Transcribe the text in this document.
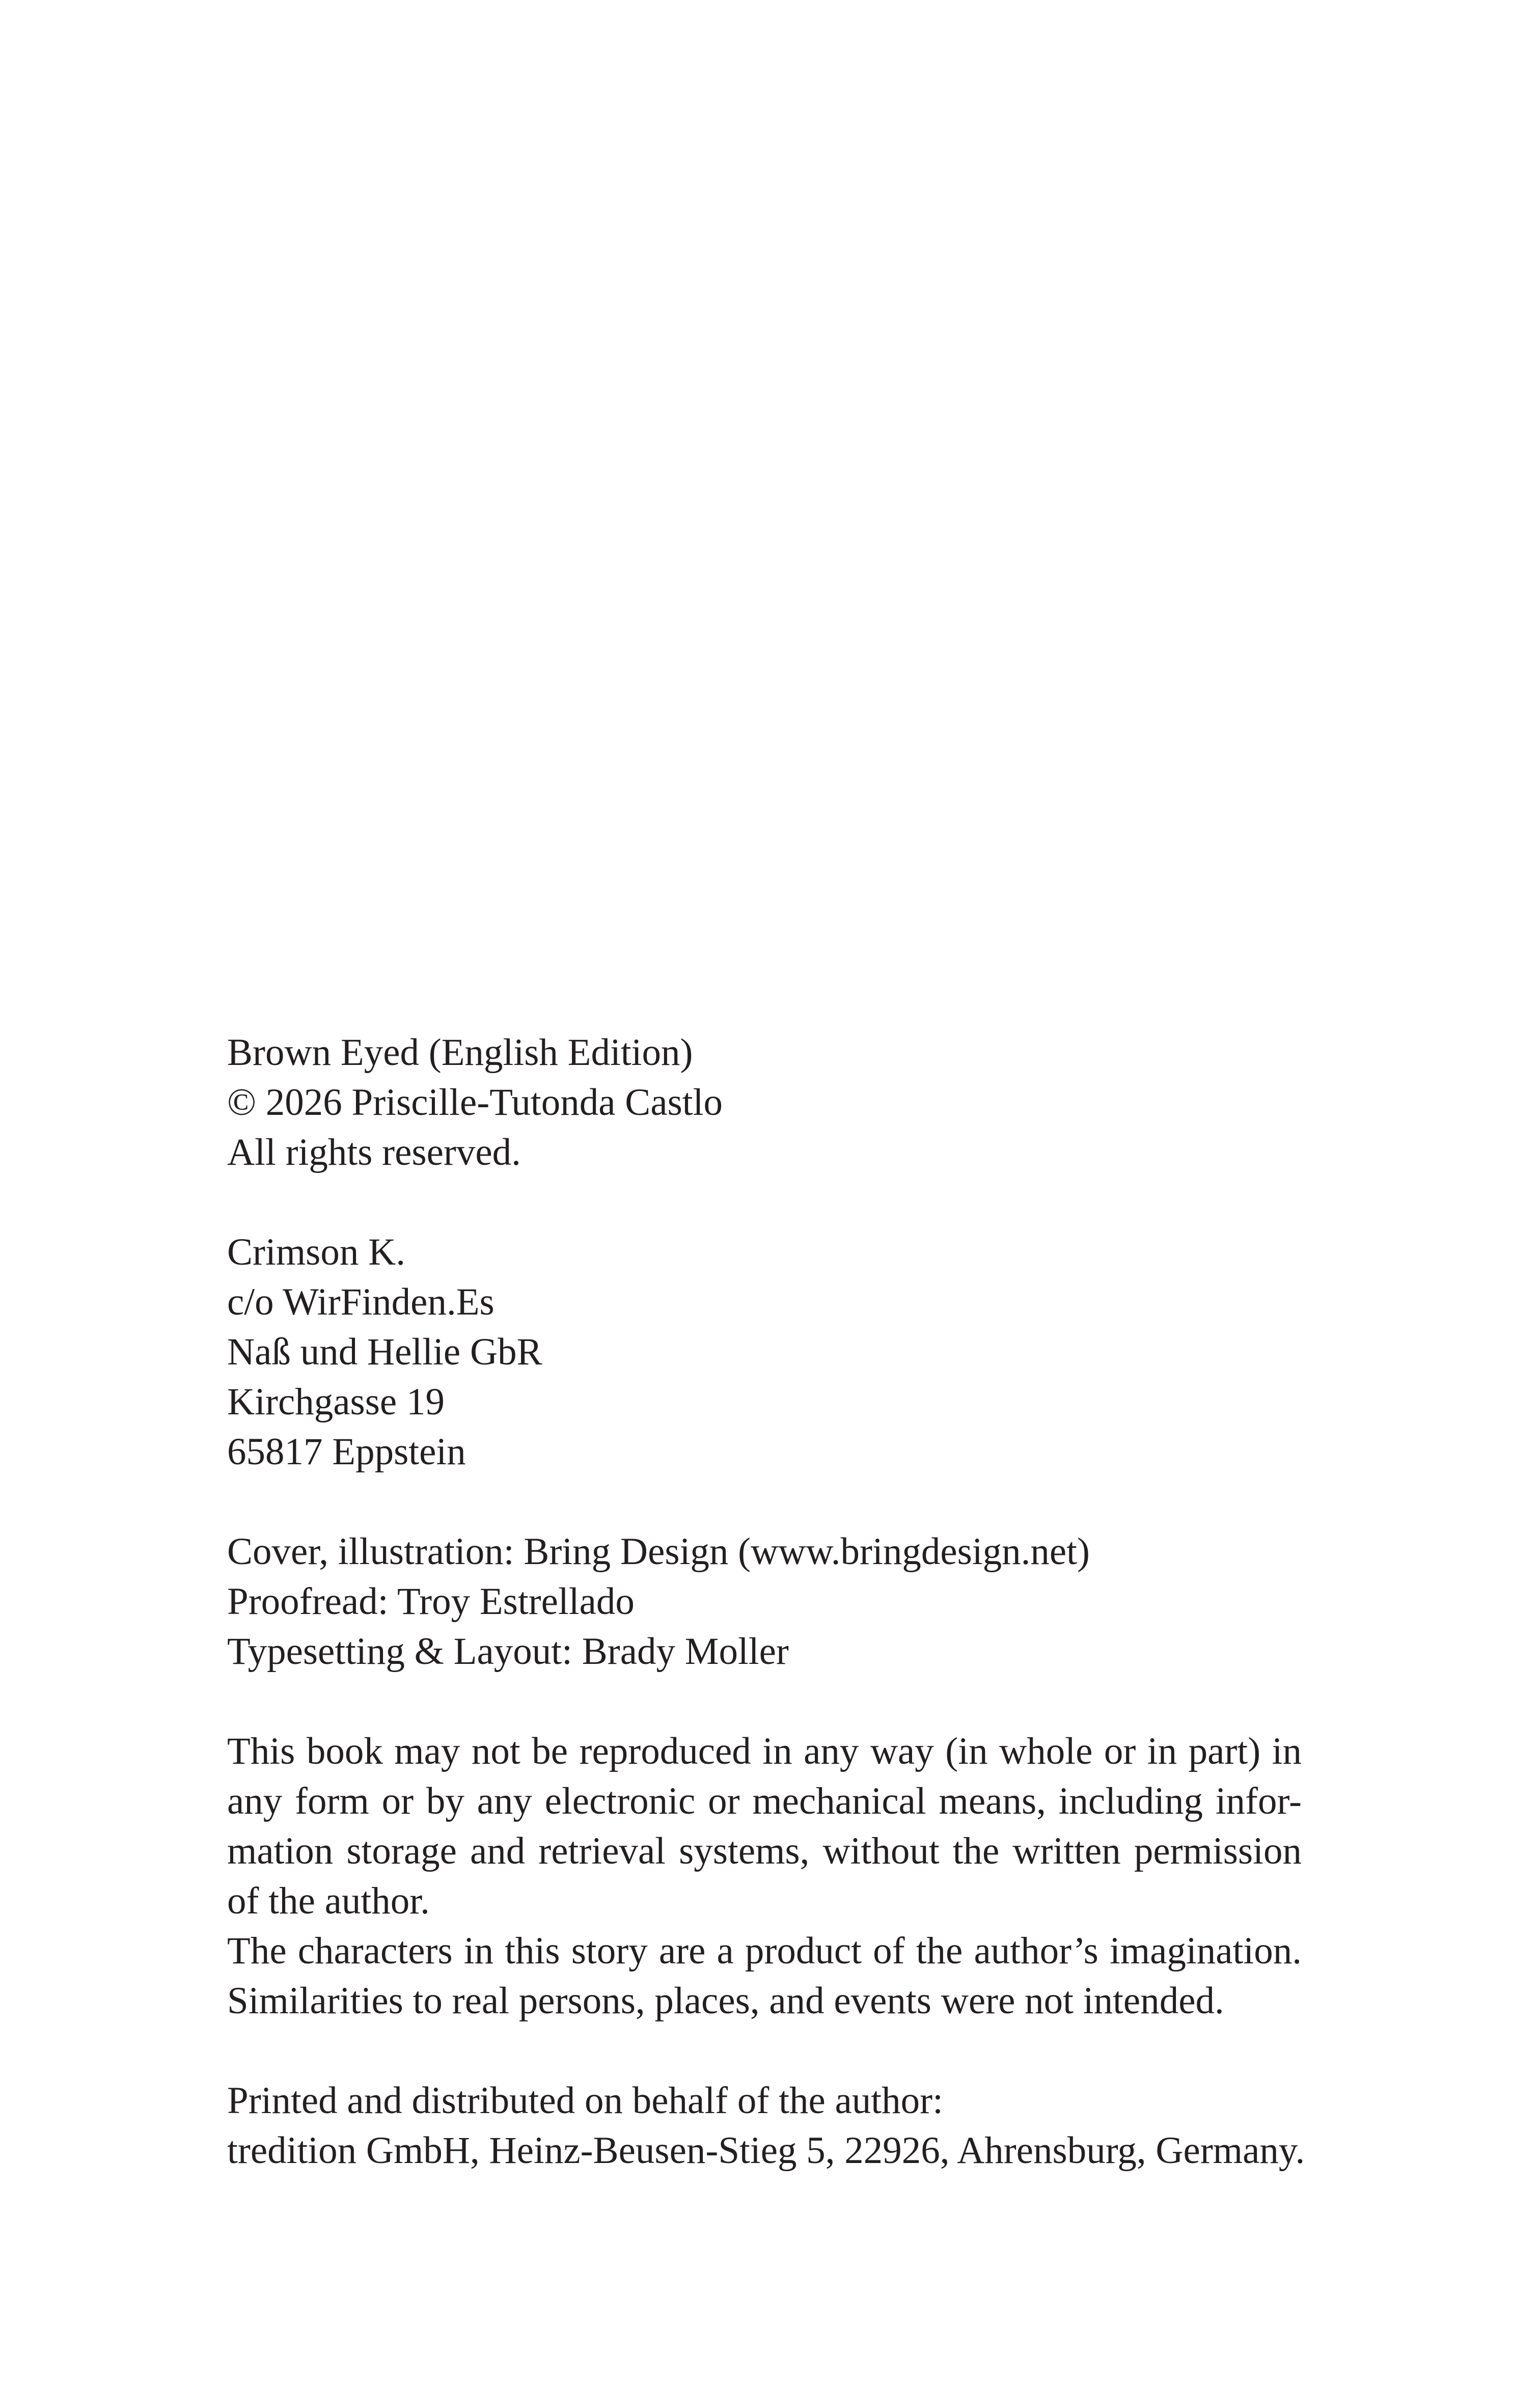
Brown Eyed (English Edition)
© 2026 Priscille-Tutonda Castlo
All rights reserved.
Crimson K.
c/o WirFinden.Es
Naß und Hellie GbR
Kirchgasse 19
65817 Eppstein
Cover, illustration: Bring Design (www.bringdesign.net)
Proofread: Troy Estrellado
Typesetting & Layout: Brady Moller
This book may not be reproduced in any way (in whole or in part) in
any form or by any electronic or mechanical means, including infor-
mation storage and retrieval systems, without the written permission
of the author.
The characters in this story are a product of the author’s imagination.
Similarities to real persons, places, and events were not intended.
Printed and distributed on behalf of the author:
tredition GmbH, Heinz-Beusen-Stieg 5, 22926, Ahrensburg, Germany.
